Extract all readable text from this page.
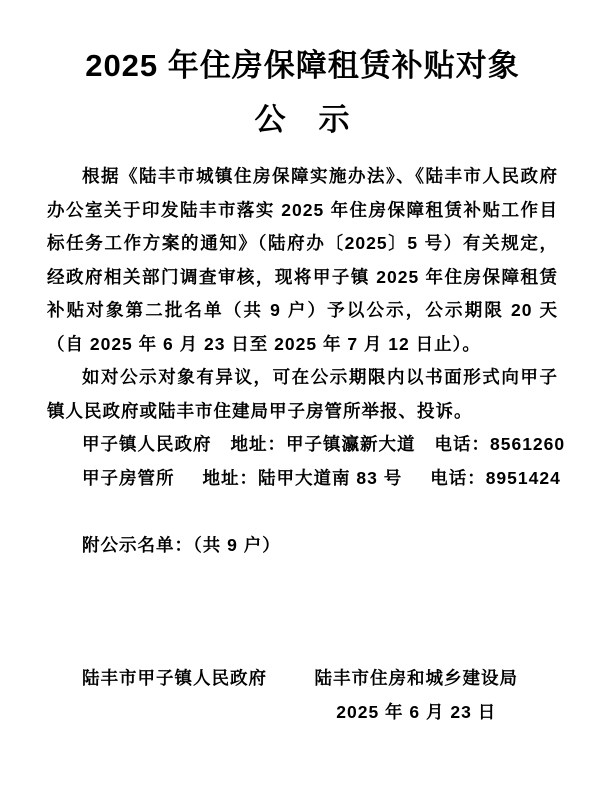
2025 年住房保障租赁补贴对象
公　示

根据《陆丰市城镇住房保障实施办法》、《陆丰市人民政府办公室关于印发陆丰市落实 2025 年住房保障租赁补贴工作目标任务工作方案的通知》（陆府办〔2025〕5 号）有关规定，经政府相关部门调查审核，现将甲子镇 2025 年住房保障租赁补贴对象第二批名单（共 9 户）予以公示，公示期限 20 天（自 2025 年 6 月 23 日至 2025 年 7 月 12 日止）。

如对公示对象有异议，可在公示期限内以书面形式向甲子镇人民政府或陆丰市住建局甲子房管所举报、投诉。

甲子镇人民政府 地址：甲子镇瀛新大道 电话：8561260
甲子房管所 地址：陆甲大道南 83 号 电话：8951424
附公示名单：（共 9 户）
陆丰市甲子镇人民政府	陆丰市住房和城乡建设局
2025 年 6 月 23 日
